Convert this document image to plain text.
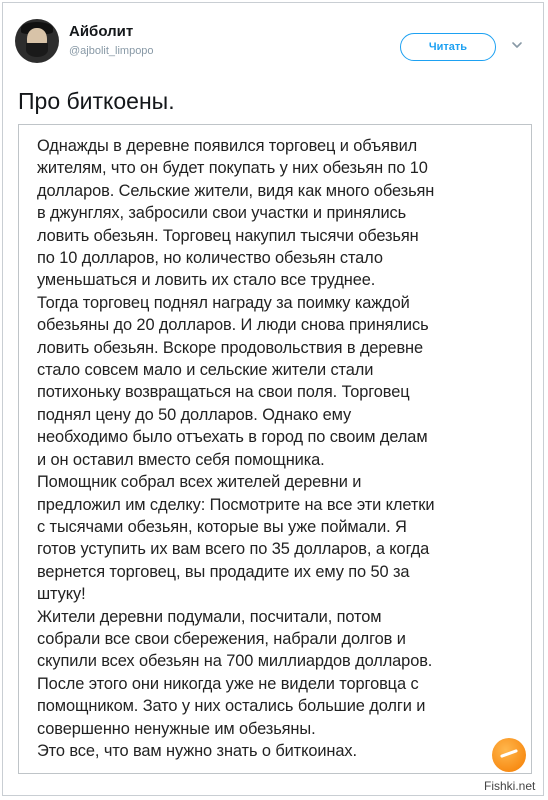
Айболит
@ajbolit_limpopo	Читать
Про биткоены.

Однажды в деревне появился торговец и объявил
жителям, что он будет покупать у них обезьян по 10
долларов. Сельские жители, видя как много обезьян
в джунглях, забросили свои участки и принялись
ловить обезьян. Торговец накупил тысячи обезьян
по 10 долларов, но количество обезьян стало
уменьшаться и ловить их стало все труднее.
Тогда торговец поднял награду за поимку каждой
обезьяны до 20 долларов. И люди снова принялись
ловить обезьян. Вскоре продовольствия в деревне
стало совсем мало и сельские жители стали
потихоньку возвращаться на свои поля. Торговец
поднял цену до 50 долларов. Однако ему
необходимо было отъехать в город по своим делам
и он оставил вместо себя помощника.
Помощник собрал всех жителей деревни и
предложил им сделку: Посмотрите на все эти клетки
с тысячами обезьян, которые вы уже поймали. Я
готов уступить их вам всего по 35 долларов, а когда
вернется торговец, вы продадите их ему по 50 за
штуку!
Жители деревни подумали, посчитали, потом
собрали все свои сбережения, набрали долгов и
скупили всех обезьян на 700 миллиардов долларов.
После этого они никогда уже не видели торговца с
помощником. Зато у них остались большие долги и
совершенно ненужные им обезьяны.
Это все, что вам нужно знать о биткоинах.

Fishki.net
